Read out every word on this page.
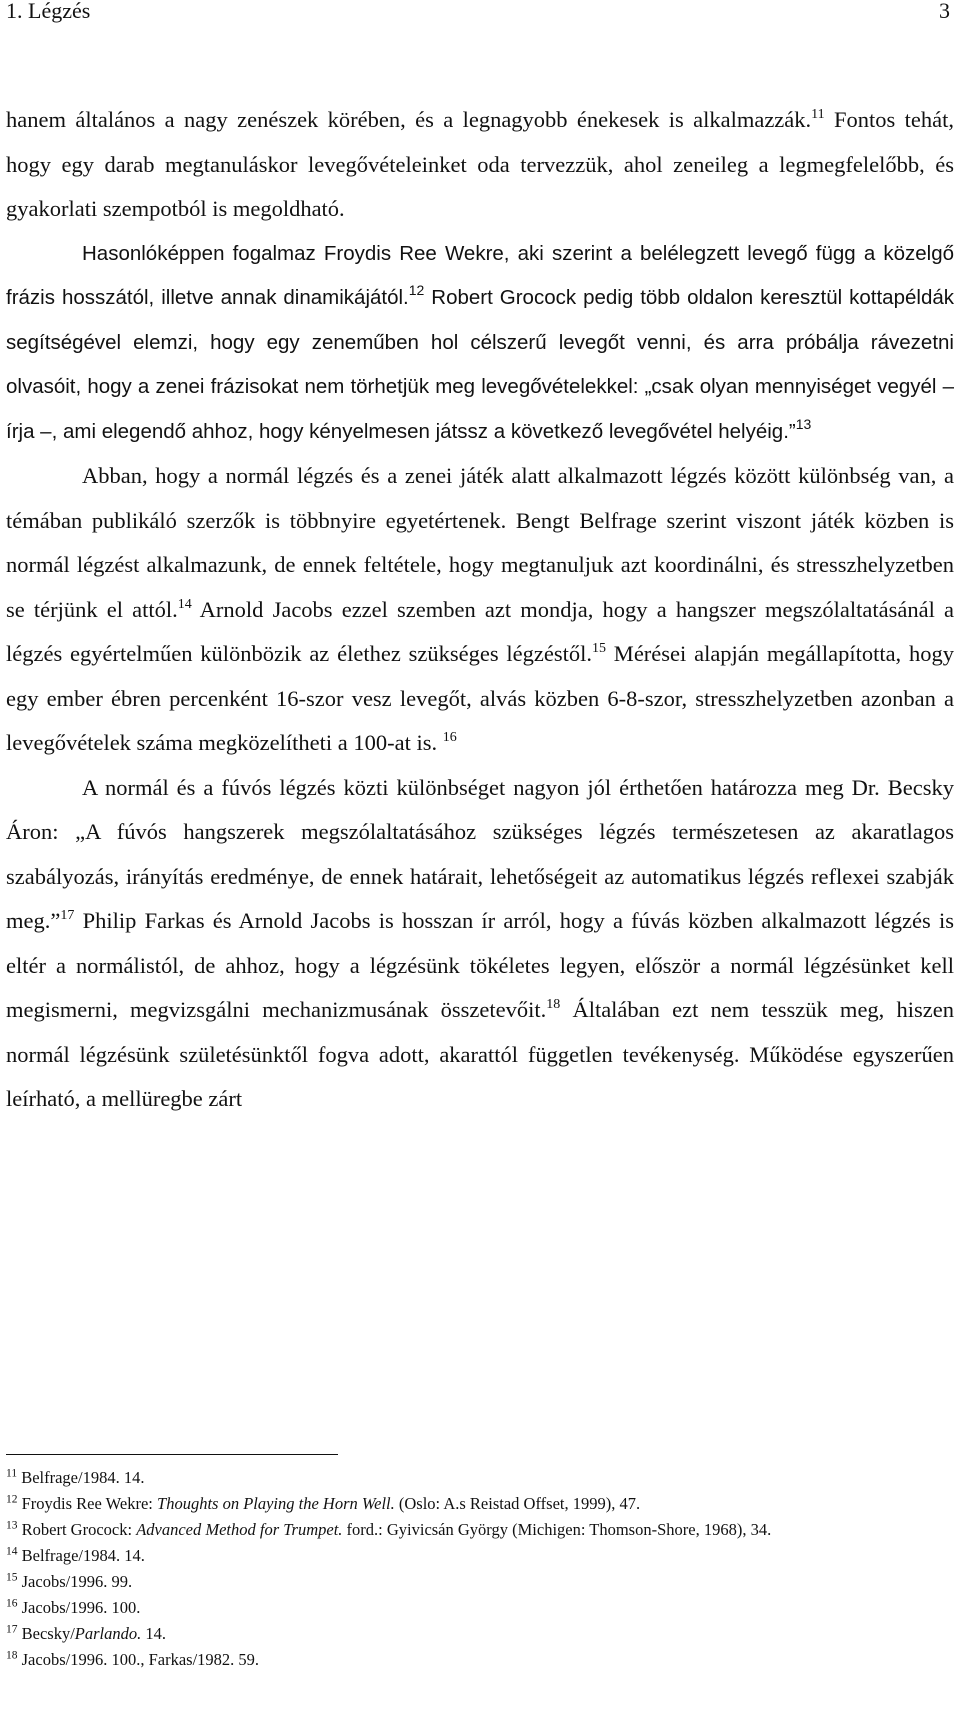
1. Légzés	3

hanem általános a nagy zenészek körében, és a legnagyobb énekesek is alkalmazzák.$^{11}$ Fontos tehát, hogy egy darab megtanuláskor levegővételeinket oda tervezzük, ahol zeneileg a legmegfelelőbb, és gyakorlati szempotból is megoldható.

Hasonlóképpen fogalmaz Froydis Ree Wekre, aki szerint a belélegzett levegő függ a közelgő frázis hosszától, illetve annak dinamikájától.$^{12}$ Robert Grocock pedig több oldalon keresztül kottapéldák segítségével elemzi, hogy egy zeneműben hol célszerű levegőt venni, és arra próbálja rávezetni olvasóit, hogy a zenei frázisokat nem törhetjük meg levegővételekkel: „csak olyan mennyiséget vegyél – írja –, ami elegendő ahhoz, hogy kényelmesen játssz a következő levegővétel helyéig.”$^{13}$

Abban, hogy a normál légzés és a zenei játék alatt alkalmazott légzés között különbség van, a témában publikáló szerzők is többnyire egyetértenek. Bengt Belfrage szerint viszont játék közben is normál légzést alkalmazunk, de ennek feltétele, hogy megtanuljuk azt koordinálni, és stresszhelyzetben se térjünk el attól.$^{14}$ Arnold Jacobs ezzel szemben azt mondja, hogy a hangszer megszólaltatásánál a légzés egyértelműen különbözik az élethez szükséges légzéstől.$^{15}$ Mérései alapján megállapította, hogy egy ember ébren percenként 16-szor vesz levegőt, alvás közben 6-8-szor, stresszhelyzetben azonban a levegővételek száma megközelítheti a 100-at is. $^{16}$

A normál és a fúvós légzés közti különbséget nagyon jól érthetően határozza meg Dr. Becsky Áron: „A fúvós hangszerek megszólaltatásához szükséges légzés természetesen az akaratlagos szabályozás, irányítás eredménye, de ennek határait, lehetőségeit az automatikus légzés reflexei szabják meg.”$^{17}$ Philip Farkas és Arnold Jacobs is hosszan ír arról, hogy a fúvás közben alkalmazott légzés is eltér a normálistól, de ahhoz, hogy a légzésünk tökéletes legyen, először a normál légzésünket kell megismerni, megvizsgálni mechanizmusának összetevőit.$^{18}$ Általában ezt nem tesszük meg, hiszen normál légzésünk születésünktől fogva adott, akarattól független tevékenység. Működése egyszerűen leírható, a mellüregbe zárt

$^{11}$ Belfrage/1984. 14.

$^{12}$ Froydis Ree Wekre: Thoughts on Playing the Horn Well. (Oslo: A.s Reistad Offset, 1999), 47.

$^{13}$ Robert Grocock: Advanced Method for Trumpet. ford.: Gyivicsán György (Michigen: Thomson-Shore, 1968), 34.

$^{14}$ Belfrage/1984. 14.

$^{15}$ Jacobs/1996. 99.

$^{16}$ Jacobs/1996. 100.

$^{17}$ Becsky/Parlando. 14.

$^{18}$ Jacobs/1996. 100., Farkas/1982. 59.
